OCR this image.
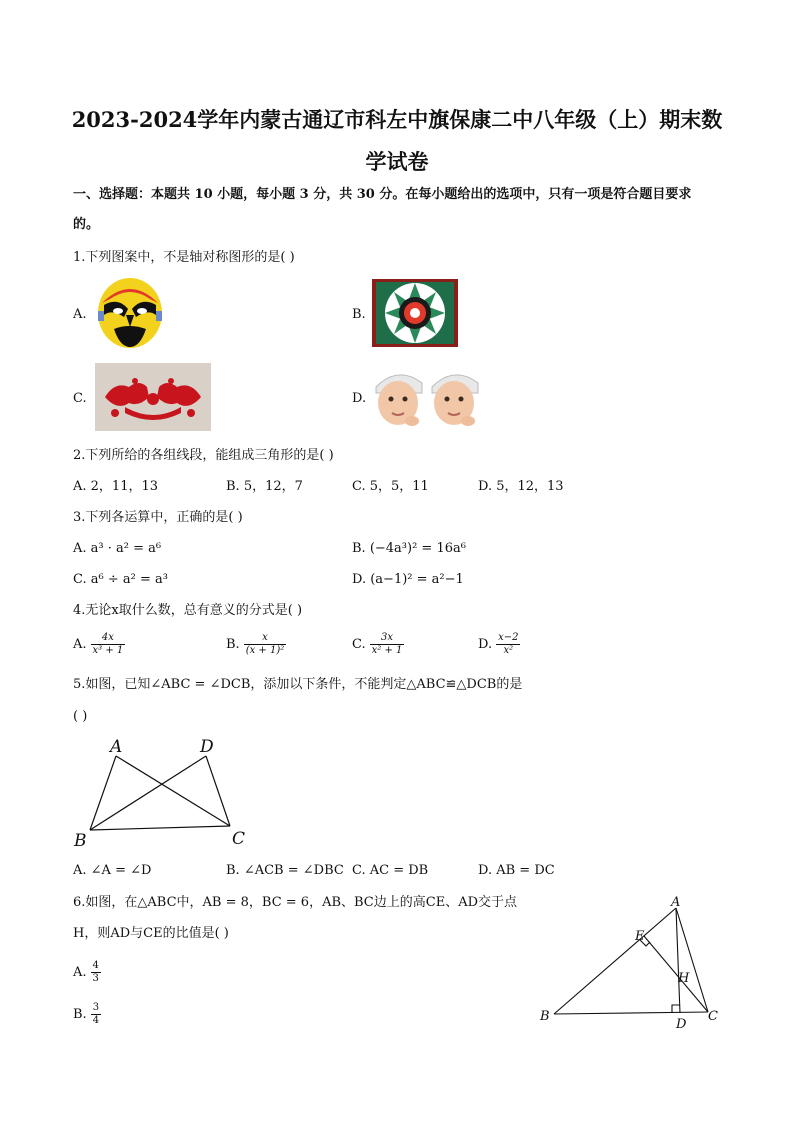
2023-2024学年内蒙古通辽市科左中旗保康二中八年级（上）期末数
学试卷
一、选择题：本题共 10 小题，每小题 3 分，共 30 分。在每小题给出的选项中，只有一项是符合题目要求
的。
1.下列图案中，不是轴对称图形的是( )
A.	B.
C.	D.
2.下列所给的各组线段，能组成三角形的是( )
A. 2，11，13	B. 5，12，7	C. 5，5，11	D. 5，12，13
3.下列各运算中，正确的是( )
A. a³ · a² = a⁶	B. (−4a³)² = 16a⁶
C. a⁶ ÷ a² = a³	D. (a−1)² = a²−1
4.无论x取什么数，总有意义的分式是( )
A. $\frac{4x}{\text{x³ + 1}}$	B. $\frac{x}{\text{(x + 1)²}}$	C. $\frac{3x}{\text{x² + 1}}$	D. $\frac{x-2}{\text{x²}}$
5.如图，已知∠ABC = ∠DCB，添加以下条件，不能判定△ABC≌△DCB的是
( )
A	D
B	C
A. ∠A = ∠D	B. ∠ACB = ∠DBC C. AC = DB	D. AB = DC
6.如图，在△ABC中，AB = 8，BC = 6，AB、BC边上的高CE、AD交于点
H，则AD与CE的比值是( )
A. $\frac{4}{3}$
B. $\frac{3}{4}$
A
E
H
B
D
C
